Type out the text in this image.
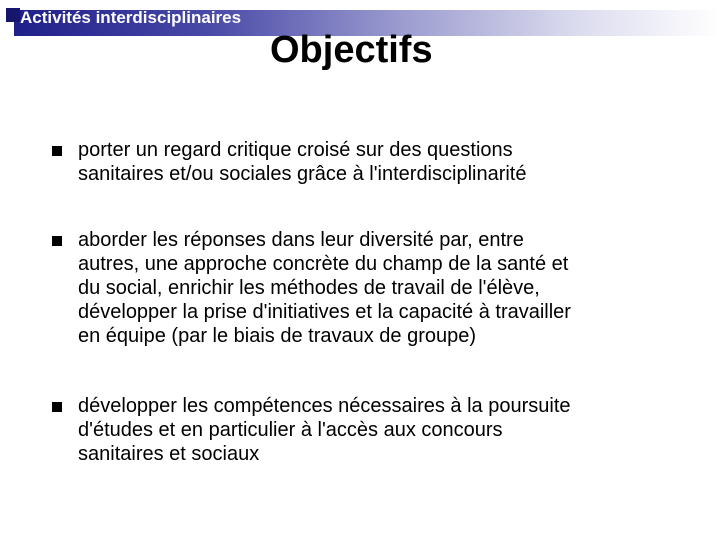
Activités interdisciplinaires
Objectifs
porter un regard critique croisé sur des questions
sanitaires et/ou sociales grâce à l'interdisciplinarité
aborder les réponses dans leur diversité par, entre
autres, une approche concrète du champ de la santé et
du social, enrichir les méthodes de travail de l'élève,
développer la prise d'initiatives et la capacité à travailler
en équipe (par le biais de travaux de groupe)
développer les compétences nécessaires à la poursuite
d'études et en particulier à l'accès aux concours
sanitaires et sociaux
